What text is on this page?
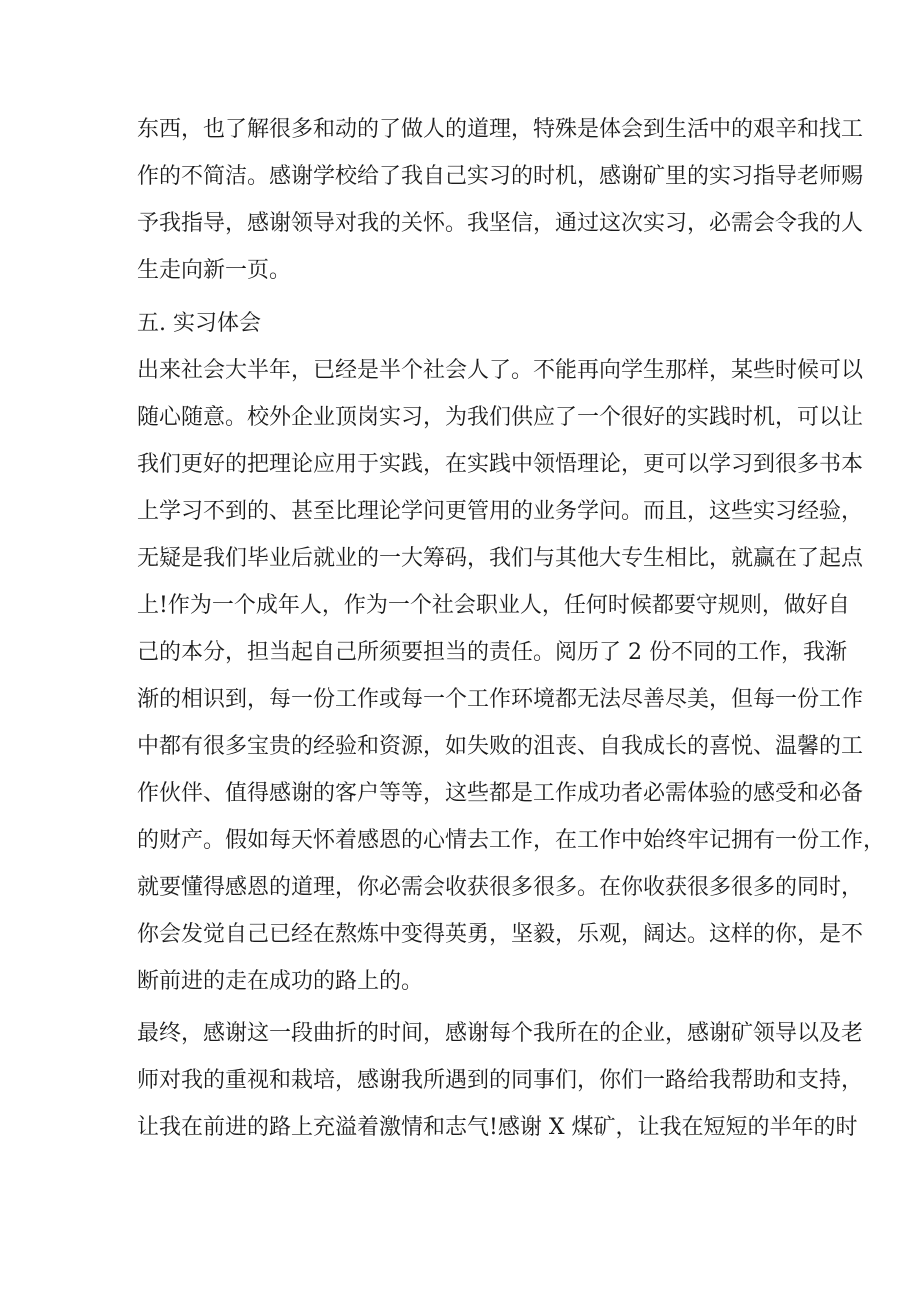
东西，也了解很多和动的了做人的道理，特殊是体会到生活中的艰辛和找工

作的不简洁。感谢学校给了我自己实习的时机，感谢矿里的实习指导老师赐

予我指导，感谢领导对我的关怀。我坚信，通过这次实习，必需会令我的人

生走向新一页。

五. 实习体会

出来社会大半年，已经是半个社会人了。不能再向学生那样，某些时候可以

随心随意。校外企业顶岗实习，为我们供应了一个很好的实践时机，可以让

我们更好的把理论应用于实践，在实践中领悟理论，更可以学习到很多书本

上学习不到的、甚至比理论学问更管用的业务学问。而且，这些实习经验，

无疑是我们毕业后就业的一大筹码，我们与其他大专生相比，就赢在了起点

上!作为一个成年人，作为一个社会职业人，任何时候都要守规则，做好自

己的本分，担当起自己所须要担当的责任。阅历了 2 份不同的工作，我渐

渐的相识到，每一份工作或每一个工作环境都无法尽善尽美，但每一份工作

中都有很多宝贵的经验和资源，如失败的沮丧、自我成长的喜悦、温馨的工

作伙伴、值得感谢的客户等等，这些都是工作成功者必需体验的感受和必备

的财产。假如每天怀着感恩的心情去工作，在工作中始终牢记拥有一份工作，

就要懂得感恩的道理，你必需会收获很多很多。在你收获很多很多的同时，

你会发觉自己已经在熬炼中变得英勇，坚毅，乐观，阔达。这样的你，是不

断前进的走在成功的路上的。

最终，感谢这一段曲折的时间，感谢每个我所在的企业，感谢矿领导以及老

师对我的重视和栽培，感谢我所遇到的同事们，你们一路给我帮助和支持，

让我在前进的路上充溢着激情和志气!感谢 X 煤矿，让我在短短的半年的时
